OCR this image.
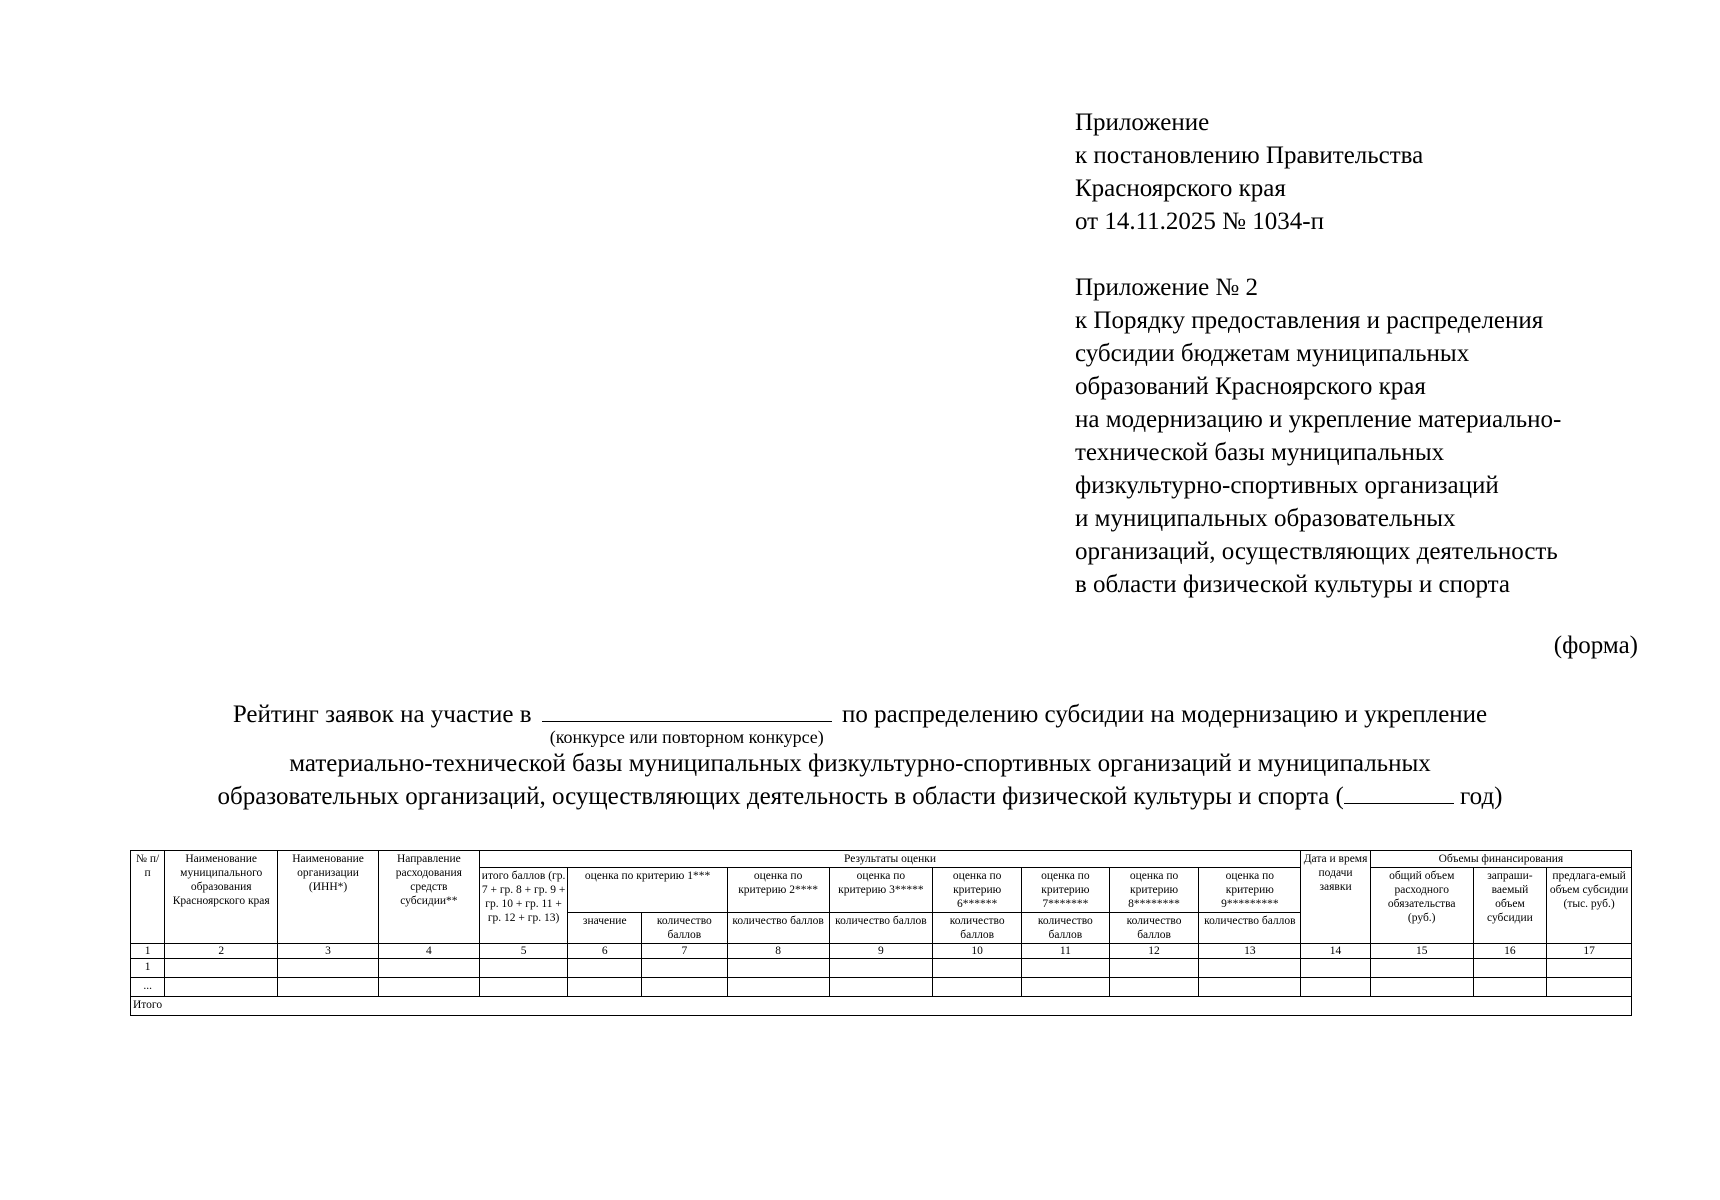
Приложение

к постановлению Правительства

Красноярского края

от 14.11.2025 № 1034-п

Приложение № 2

к Порядку предоставления и распределения

субсидии бюджетам муниципальных

образований Красноярского края

на модернизацию и укрепление материально-

технической базы муниципальных

физкультурно-спортивных организаций

и муниципальных образовательных

организаций, осуществляющих деятельность

в области физической культуры и спорта

(форма)
Рейтинг заявок на участие в
(конкурсе или повторном конкурсе)
по распределению субсидии на модернизацию и укрепление
материально-технической базы муниципальных физкультурно-спортивных организаций и муниципальных
образовательных организаций, осуществляющих деятельность в области физической культуры и спорта (	год)
№ п/п	Наименование муниципального образования Красноярского края	Наименование организации (ИНН*)	Направление расходования средств субсидии**	Результаты оценки									Дата и время подачи заявки	Объемы финансирования		
				итого баллов (гр. 7 + гр. 8 + гр. 9 + гр. 10 + гр. 11 + гр. 12 + гр. 13)	оценка по критерию 1***		оценка по критерию 2****	оценка по критерию 3*****	оценка по критерию 6******	оценка по критерию 7*******	оценка по критерию 8********	оценка по критерию 9*********		общий объем расходного обязательства (руб.)	запраши-ваемый объем субсидии	предлага-емый объем субсидии (тыс. руб.)
					значение	количество баллов	количество баллов	количество баллов	количество баллов	количество баллов	количество баллов	количество баллов				
1	2	3	4	5	6	7	8	9	10	11	12	13	14	15	16	17
1																
...																
Итого																
